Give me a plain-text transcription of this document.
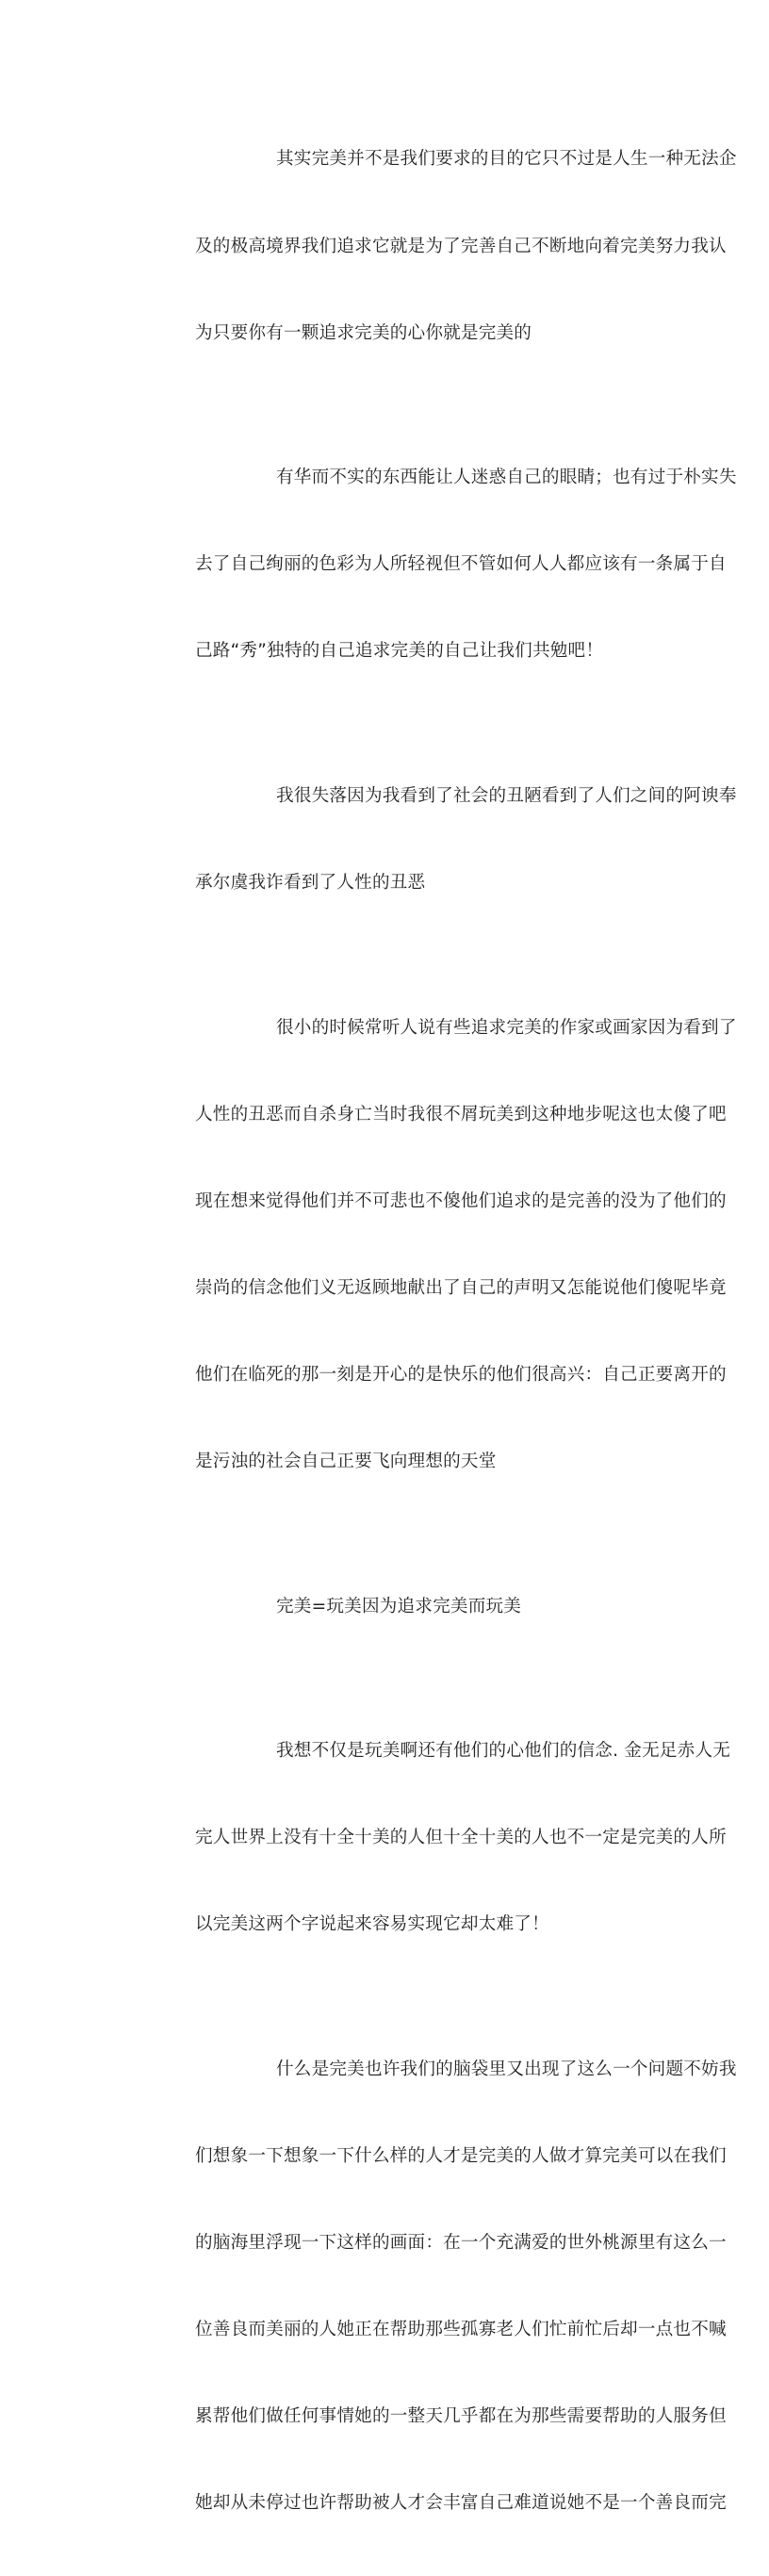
其实完美并不是我们要求的目的它只不过是人生一种无法企

及的极高境界我们追求它就是为了完善自己不断地向着完美努力我认

为只要你有一颗追求完美的心你就是完美的

有华而不实的东西能让人迷惑自己的眼睛；也有过于朴实失

去了自己绚丽的色彩为人所轻视但不管如何人人都应该有一条属于自

己路“秀”独特的自己追求完美的自己让我们共勉吧！

我很失落因为我看到了社会的丑陋看到了人们之间的阿谀奉

承尔虞我诈看到了人性的丑恶

很小的时候常听人说有些追求完美的作家或画家因为看到了

人性的丑恶而自杀身亡当时我很不屑玩美到这种地步呢这也太傻了吧

现在想来觉得他们并不可悲也不傻他们追求的是完善的没为了他们的

崇尚的信念他们义无返顾地献出了自己的声明又怎能说他们傻呢毕竟

他们在临死的那一刻是开心的是快乐的他们很高兴：自己正要离开的

是污浊的社会自己正要飞向理想的天堂

完美=玩美因为追求完美而玩美

我想不仅是玩美啊还有他们的心他们的信念. 金无足赤人无

完人世界上没有十全十美的人但十全十美的人也不一定是完美的人所

以完美这两个字说起来容易实现它却太难了！

什么是完美也许我们的脑袋里又出现了这么一个问题不妨我

们想象一下想象一下什么样的人才是完美的人做才算完美可以在我们

的脑海里浮现一下这样的画面：在一个充满爱的世外桃源里有这么一

位善良而美丽的人她正在帮助那些孤寡老人们忙前忙后却一点也不喊

累帮他们做任何事情她的一整天几乎都在为那些需要帮助的人服务但

她却从未停过也许帮助被人才会丰富自己难道说她不是一个善良而完
